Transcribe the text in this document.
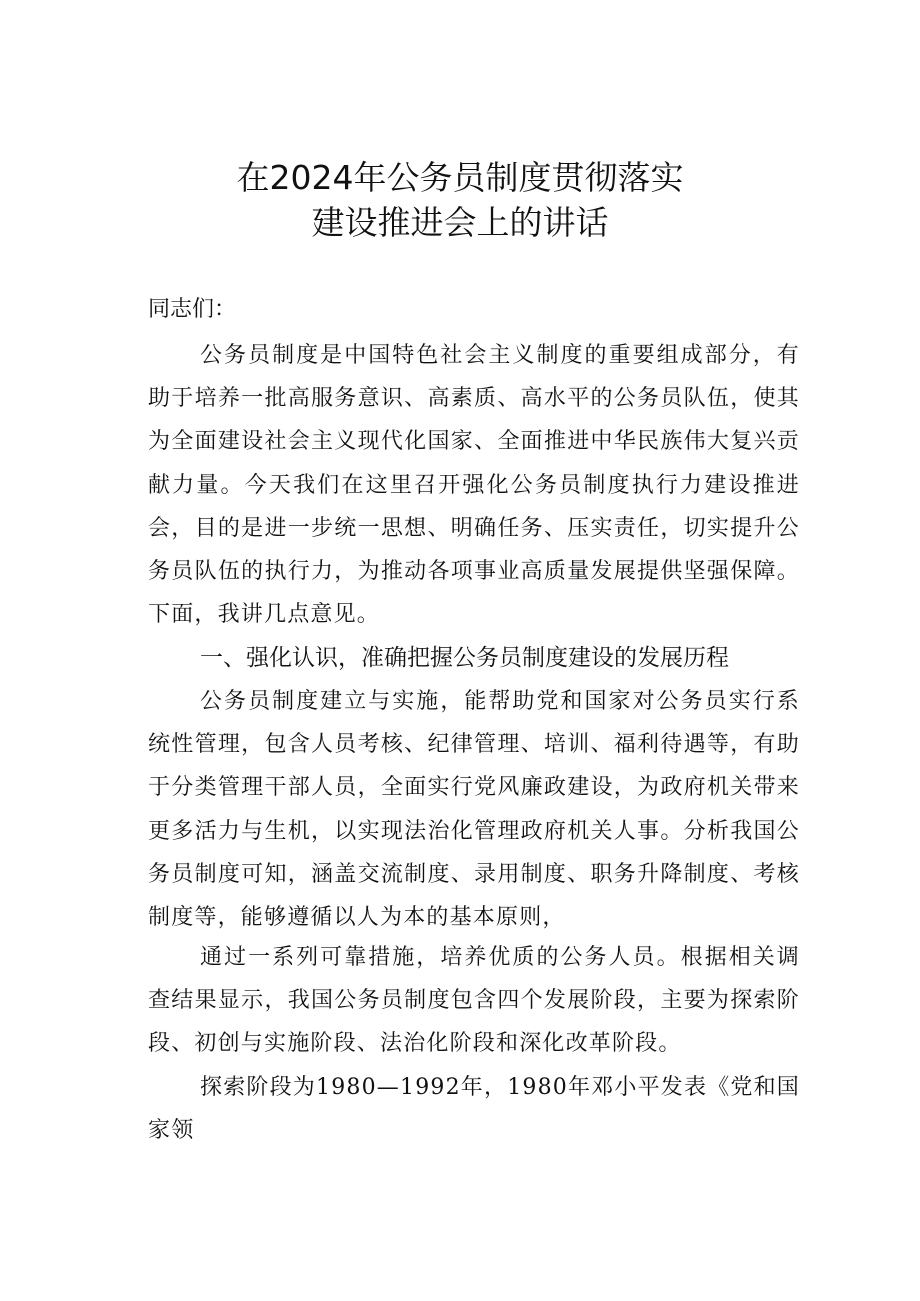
在2024年公务员制度贯彻落实
建设推进会上的讲话

同志们：

公务员制度是中国特色社会主义制度的重要组成部分，有助于培养一批高服务意识、高素质、高水平的公务员队伍，使其为全面建设社会主义现代化国家、全面推进中华民族伟大复兴贡献力量。今天我们在这里召开强化公务员制度执行力建设推进会，目的是进一步统一思想、明确任务、压实责任，切实提升公务员队伍的执行力，为推动各项事业高质量发展提供坚强保障。下面，我讲几点意见。

一、强化认识，准确把握公务员制度建设的发展历程

公务员制度建立与实施，能帮助党和国家对公务员实行系统性管理，包含人员考核、纪律管理、培训、福利待遇等，有助于分类管理干部人员，全面实行党风廉政建设，为政府机关带来更多活力与生机，以实现法治化管理政府机关人事。分析我国公务员制度可知，涵盖交流制度、录用制度、职务升降制度、考核制度等，能够遵循以人为本的基本原则，

通过一系列可靠措施，培养优质的公务人员。根据相关调查结果显示，我国公务员制度包含四个发展阶段，主要为探索阶段、初创与实施阶段、法治化阶段和深化改革阶段。

探索阶段为1980—1992年，1980年邓小平发表《党和国家领
